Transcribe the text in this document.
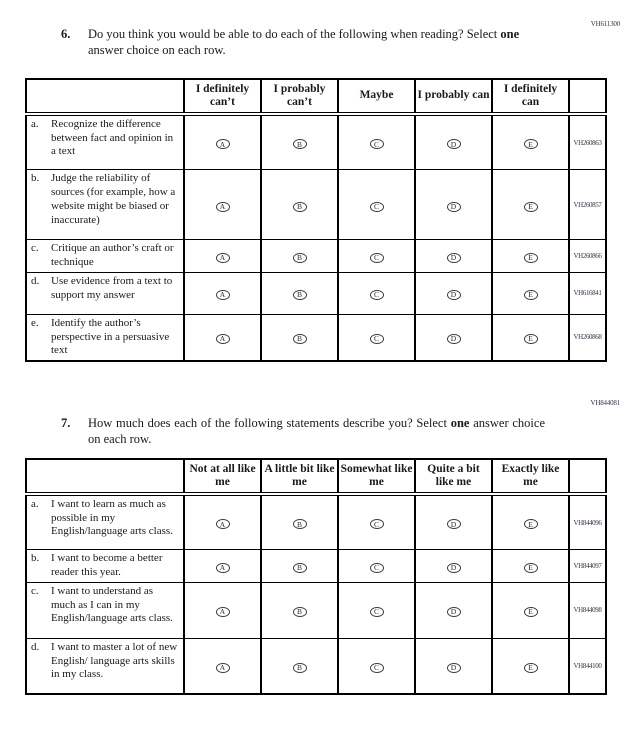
VH611300
6.	Do you think you would be able to do each of the following when reading? Select one answer choice on each row.
	I definitely can’t	I probably can’t	Maybe	I probably can	I definitely can	

a. Recognize the difference between fact and opinion in a text	A	B	C	D	E	VH260863

b. Judge the reliability of sources (for example, how a website might be biased or inaccurate)	A	B	C	D	E	VH260857

c. Critique an author’s craft or technique	A	B	C	D	E	VH260866

d. Use evidence from a text to support my answer	A	B	C	D	E	VH616841

e. Identify the author’s perspective in a persuasive text	A	B	C	D	E	VH260868
VH844081
7.	How much does each of the following statements describe you? Select one answer choice on each row.
	Not at all like me	A little bit like me	Somewhat like me	Quite a bit like me	Exactly like me	

a. I want to learn as much as possible in my English/language arts class.	A	B	C	D	E	VH844096

b. I want to become a better reader this year.	A	B	C	D	E	VH844097

c. I want to understand as much as I can in my English/language arts class.	A	B	C	D	E	VH844098

d. I want to master a lot of new English/ language arts skills in my class.	A	B	C	D	E	VH844100
